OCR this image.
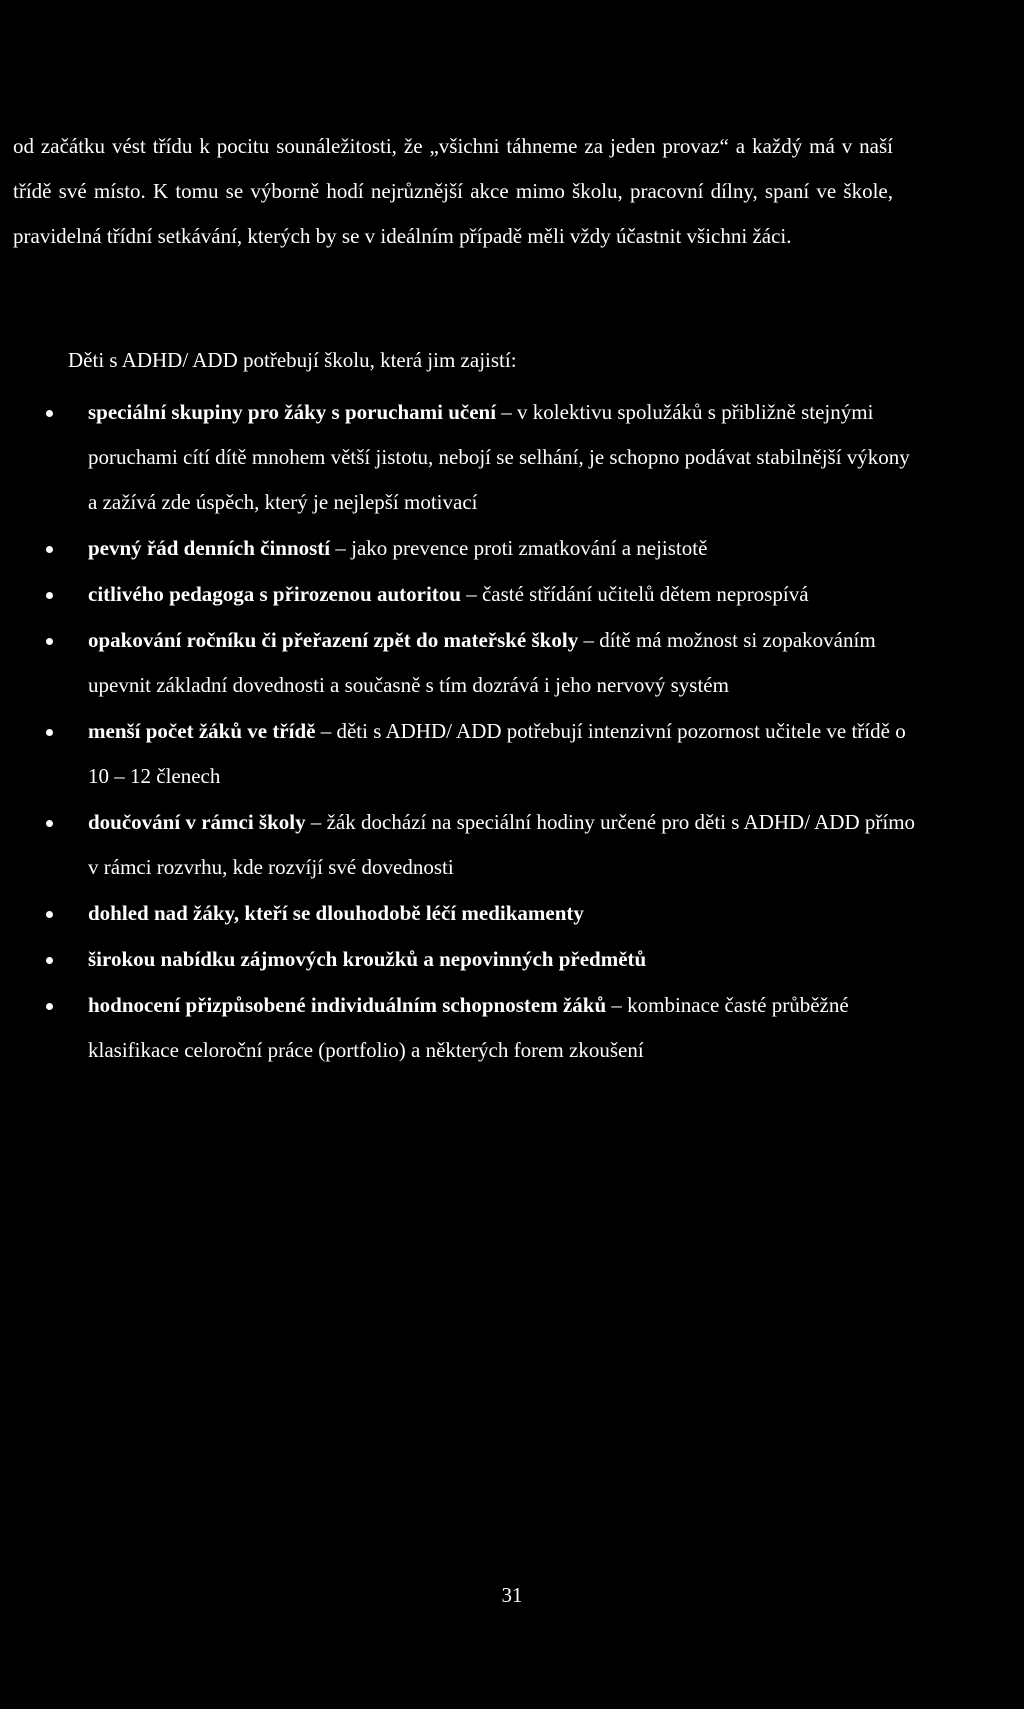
od začátku vést třídu k pocitu sounáležitosti, že „všichni táhneme za jeden provaz“ a každý má v naší třídě své místo. K tomu se výborně hodí nejrůznější akce mimo školu, pracovní dílny, spaní ve škole, pravidelná třídní setkávání, kterých by se v ideálním případě měli vždy účastnit všichni žáci.

Děti s ADHD/ ADD potřebují školu, která jim zajistí:

speciální skupiny pro žáky s poruchami učení – v kolektivu spolužáků s přibližně stejnými poruchami cítí dítě mnohem větší jistotu, nebojí se selhání, je schopno podávat stabilnější výkony a zažívá zde úspěch, který je nejlepší motivací
pevný řád denních činností – jako prevence proti zmatkování a nejistotě
citlivého pedagoga s přirozenou autoritou – časté střídání učitelů dětem neprospívá
opakování ročníku či přeřazení zpět do mateřské školy – dítě má možnost si zopakováním upevnit základní dovednosti a současně s tím dozrává i jeho nervový systém
menší počet žáků ve třídě – děti s ADHD/ ADD potřebují intenzivní pozornost učitele ve třídě o 10 – 12 členech
doučování v rámci školy – žák dochází na speciální hodiny určené pro děti s ADHD/ ADD přímo v rámci rozvrhu, kde rozvíjí své dovednosti
dohled nad žáky, kteří se dlouhodobě léčí medikamenty
širokou nabídku zájmových kroužků a nepovinných předmětů
hodnocení přizpůsobené individuálním schopnostem žáků – kombinace časté průběžné klasifikace celoroční práce (portfolio) a některých forem zkoušení
31
